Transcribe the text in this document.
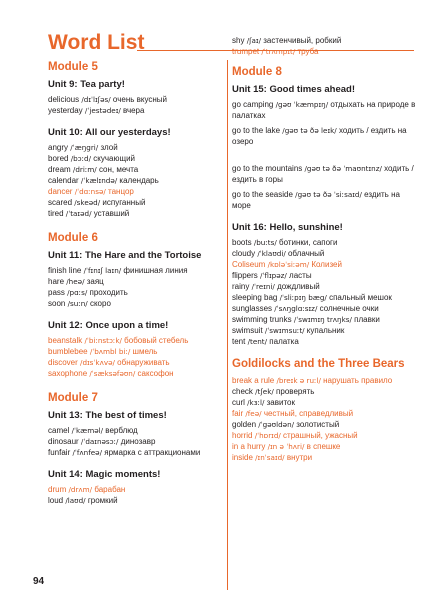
Word List
Module 5
Unit 9: Tea party!
delicious /dɪˈlɪʃəs/ очень вкусный
yesterday /ˈjestədeɪ/ вчера
Unit 10: All our yesterdays!
angry /ˈæŋgri/ злой
bored /bɔːd/ скучающий
dream /driːm/ сон, мечта
calendar /ˈkælɪndə/ календарь
dancer /ˈdɑːnsə/ танцор
scared /skeəd/ испуганный
tired /ˈtaɪəd/ уставший
Module 6
Unit 11: The Hare and the Tortoise
finish line /ˈfɪnɪʃ laɪn/ финишная линия
hare /heə/ заяц
pass /pɑːs/ проходить
soon /suːn/ скоро
Unit 12: Once upon a time!
beanstalk /ˈbiːnstɔːk/ бобовый стебель
bumblebee /ˈbʌmbl biː/ шмель
discover /dɪsˈkʌvə/ обнаруживать
saxophone /ˈsæksəfəʊn/ саксофон
Module 7
Unit 13: The best of times!
camel /ˈkæməl/ верблюд
dinosaur /ˈdaɪnəsɔː/ динозавр
funfair /ˈfʌnfeə/ ярмарка с аттракционами
Unit 14: Magic moments!
drum /drʌm/ барабан
loud /laʊd/ громкий
shy /ʃaɪ/ застенчивый, робкий
trumpet /ˈtrʌmpɪt/ труба
Module 8
Unit 15: Good times ahead!
go camping /gəʊ ˈkæmpɪŋ/ отдыхать на природе в палатках
go to the lake /gəʊ tə ðə leɪk/ ходить / ездить на озеро
go to the mountains /gəʊ tə ðə ˈmaʊntɪnz/ ходить / ездить в горы
go to the seaside /gəʊ tə ðə ˈsiːsaɪd/ ездить на море
Unit 16: Hello, sunshine!
boots /buːts/ ботинки, сапоги
cloudy /ˈklaʊdi/ облачный
Coliseum /kɒləˈsiːəm/ Колизей
flippers /ˈflɪpəz/ ласты
rainy /ˈreɪni/ дождливый
sleeping bag /ˈsliːpɪŋ bæg/ спальный мешок
sunglasses /ˈsʌŋglɑːsɪz/ солнечные очки
swimming trunks /ˈswɪmɪŋ trʌŋks/ плавки
swimsuit /ˈswɪmsuːt/ купальник
tent /tent/ палатка
Goldilocks and the Three Bears
break a rule /breɪk ə ruːl/ нарушать правило
check /tʃek/ проверять
curl /kɜːl/ завиток
fair /feə/ честный, справедливый
golden /ˈgəʊldən/ золотистый
horrid /ˈhɒrɪd/ страшный, ужасный
in a hurry /ɪn ə ˈhʌri/ в спешке
inside /ɪnˈsaɪd/ внутри
94
